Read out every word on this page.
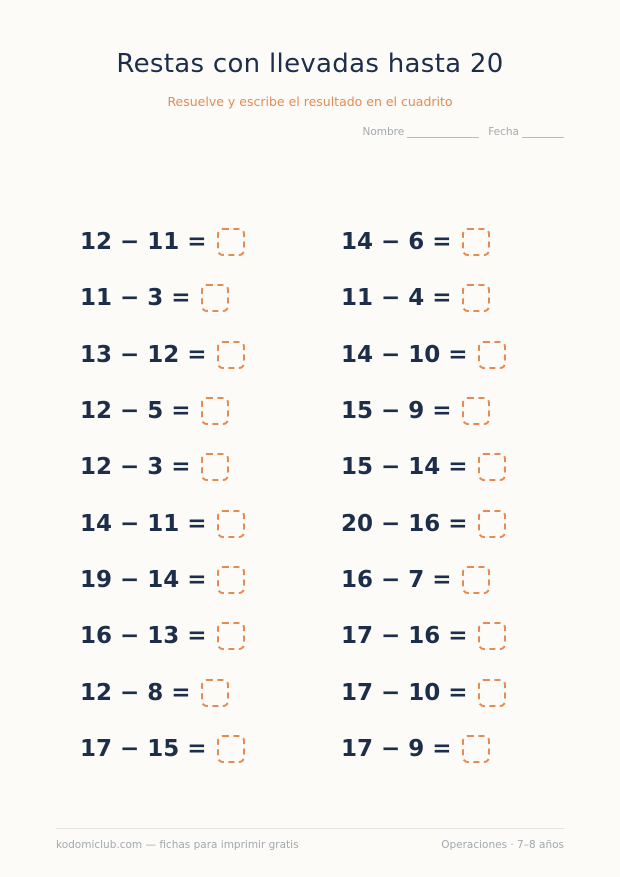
Restas con llevadas hasta 20
Resuelve y escribe el resultado en el cuadrito
Nombre	Fecha
12 − 11 =
11 − 3 =
13 − 12 =
12 − 5 =
12 − 3 =
14 − 11 =
19 − 14 =
16 − 13 =
12 − 8 =
17 − 15 =
14 − 6 =
11 − 4 =
14 − 10 =
15 − 9 =
15 − 14 =
20 − 16 =
16 − 7 =
17 − 16 =
17 − 10 =
17 − 9 =
kodomiclub.com — fichas para imprimir gratis	Operaciones · 7–8 años
